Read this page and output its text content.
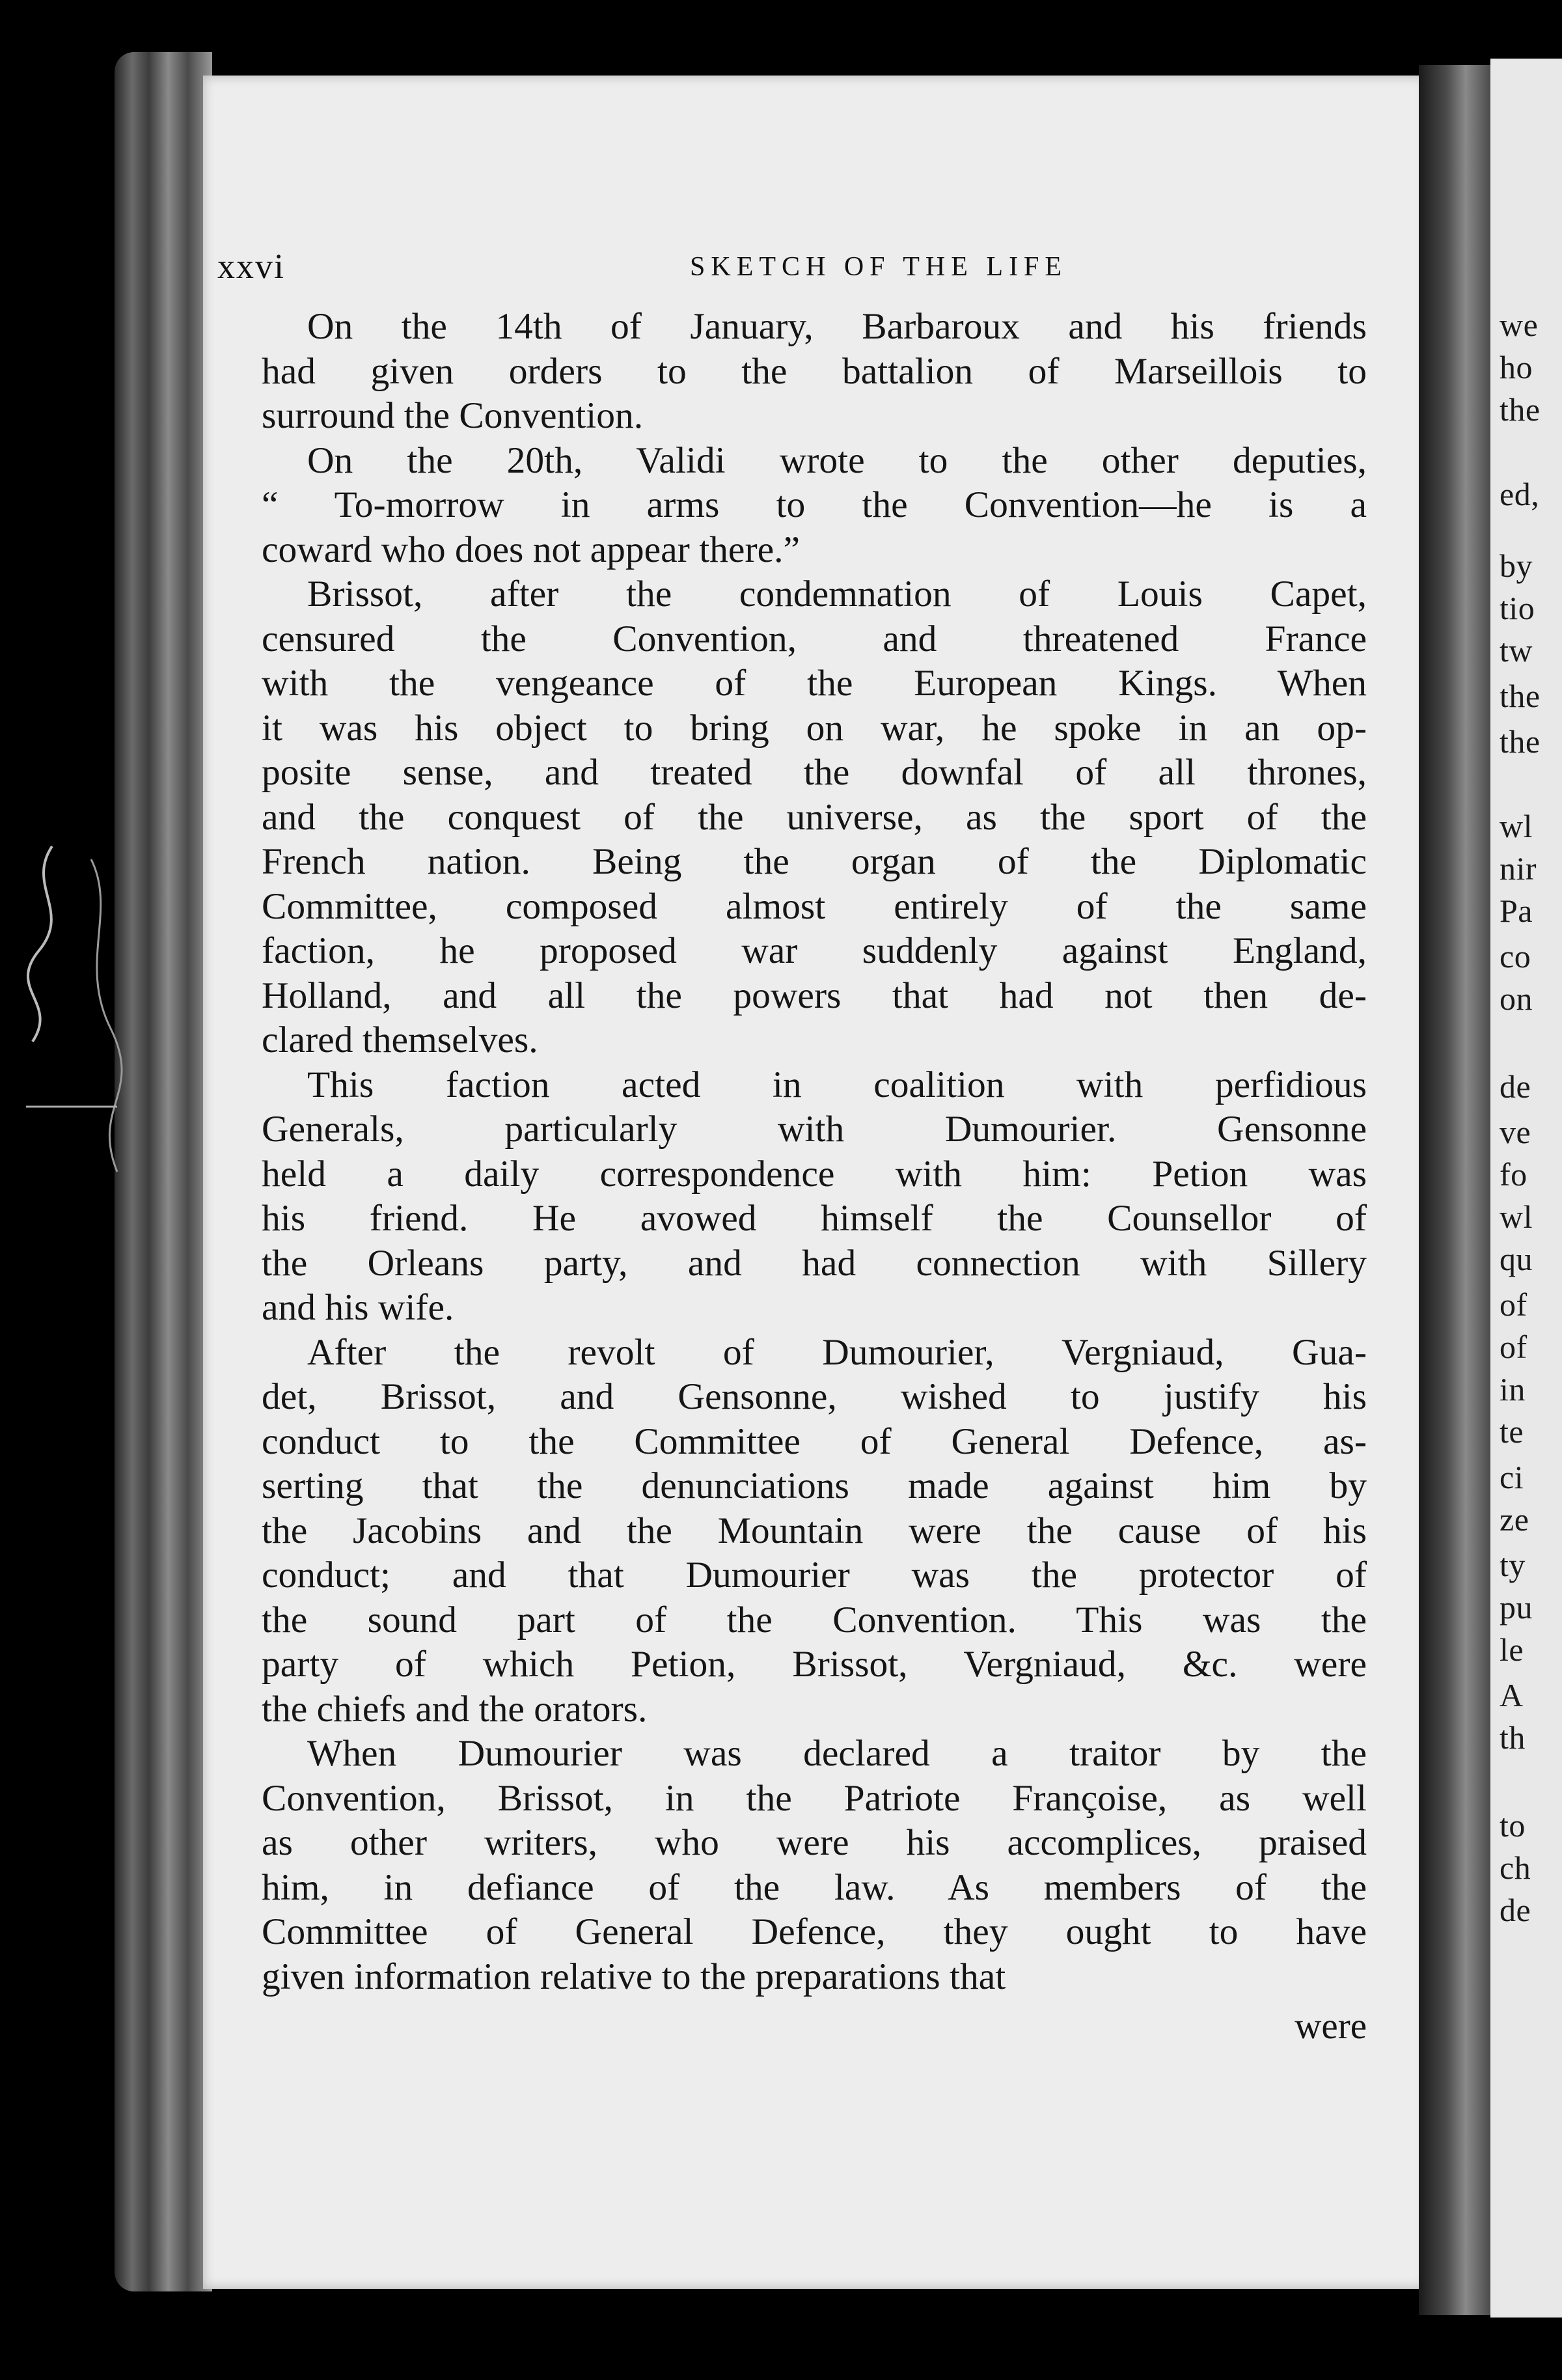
we
ho
the
ed,
by
tio
tw
the
the
wl
nir
Pa
co
on
de
ve
fo
wl
qu
of
of
in
te
ci
ze
ty
pu
le
A
th
to
ch
de
xxvi	SKETCH OF THE LIFE
On the 14th of January, Barbaroux and his friends
had given orders to the battalion of Marseillois to
surround the Convention.
On the 20th, Validi wrote to the other deputies,
“ To-morrow in arms to the Convention—he is a
coward who does not appear there.”
Brissot, after the condemnation of Louis Capet,
censured the Convention, and threatened France
with the vengeance of the European Kings. When
it was his object to bring on war, he spoke in an op-
posite sense, and treated the downfal of all thrones,
and the conquest of the universe, as the sport of the
French nation. Being the organ of the Diplomatic
Committee, composed almost entirely of the same
faction, he proposed war suddenly against England,
Holland, and all the powers that had not then de-
clared themselves.
This faction acted in coalition with perfidious
Generals, particularly with Dumourier. Gensonne
held a daily correspondence with him: Petion was
his friend. He avowed himself the Counsellor of
the Orleans party, and had connection with Sillery
and his wife.
After the revolt of Dumourier, Vergniaud, Gua-
det, Brissot, and Gensonne, wished to justify his
conduct to the Committee of General Defence, as-
serting that the denunciations made against him by
the Jacobins and the Mountain were the cause of his
conduct; and that Dumourier was the protector of
the sound part of the Convention. This was the
party of which Petion, Brissot, Vergniaud, &c. were
the chiefs and the orators.
When Dumourier was declared a traitor by the
Convention, Brissot, in the Patriote Françoise, as well
as other writers, who were his accomplices, praised
him, in defiance of the law. As members of the
Committee of General Defence, they ought to have
given information relative to the preparations that
were
